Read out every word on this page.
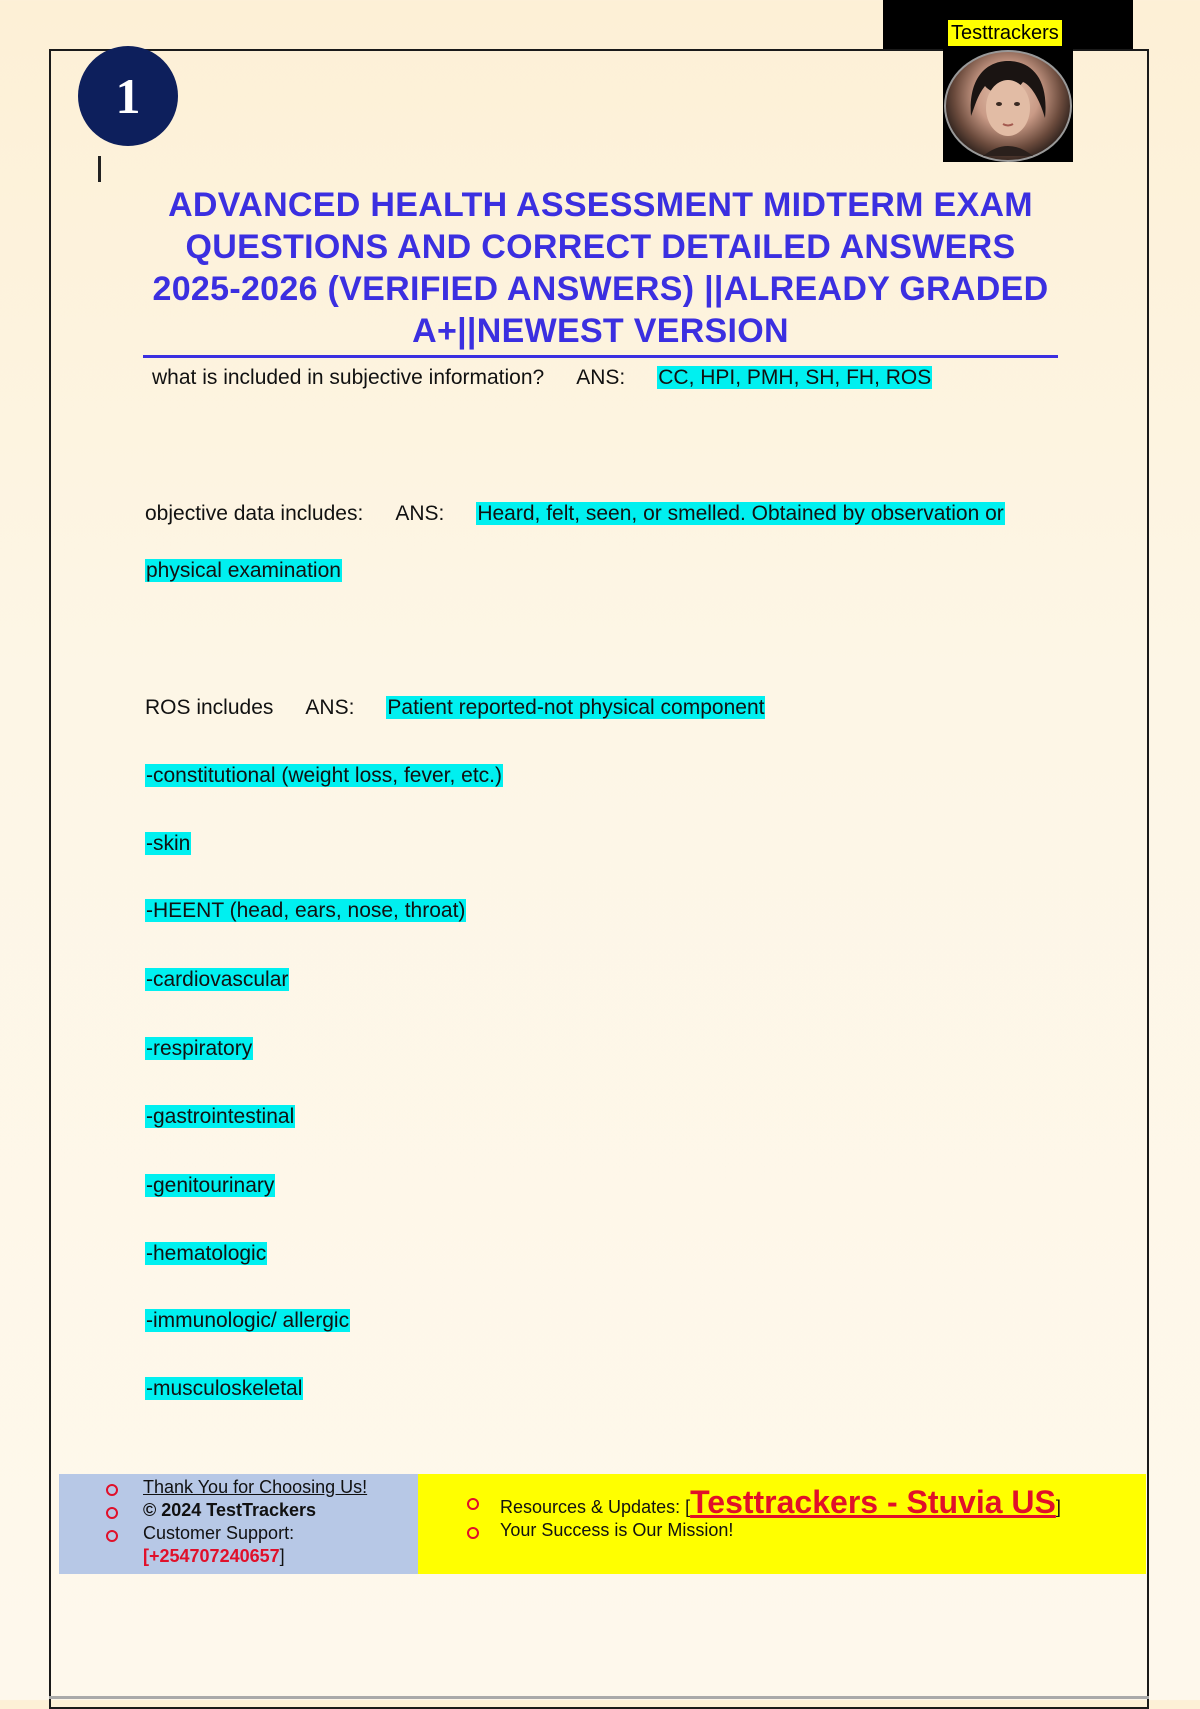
Testtrackers
1
ADVANCED HEALTH ASSESSMENT MIDTERM EXAM QUESTIONS AND CORRECT DETAILED ANSWERS 2025-2026 (VERIFIED ANSWERS) ||ALREADY GRADED A+||NEWEST VERSION
what is included in subjective information? ANS: CC, HPI, PMH, SH, FH, ROS
objective data includes: ANS: Heard, felt, seen, or smelled. Obtained by observation or
physical examination
ROS includes ANS: Patient reported-not physical component
-constitutional (weight loss, fever, etc.)
-skin
-HEENT (head, ears, nose, throat)
-cardiovascular
-respiratory
-gastrointestinal
-genitourinary
-hematologic
-immunologic/ allergic
-musculoskeletal
Thank You for Choosing Us!
© 2024 TestTrackers
Customer Support:
[+254707240657]
Resources & Updates: [Testtrackers - Stuvia US]
Your Success is Our Mission!
